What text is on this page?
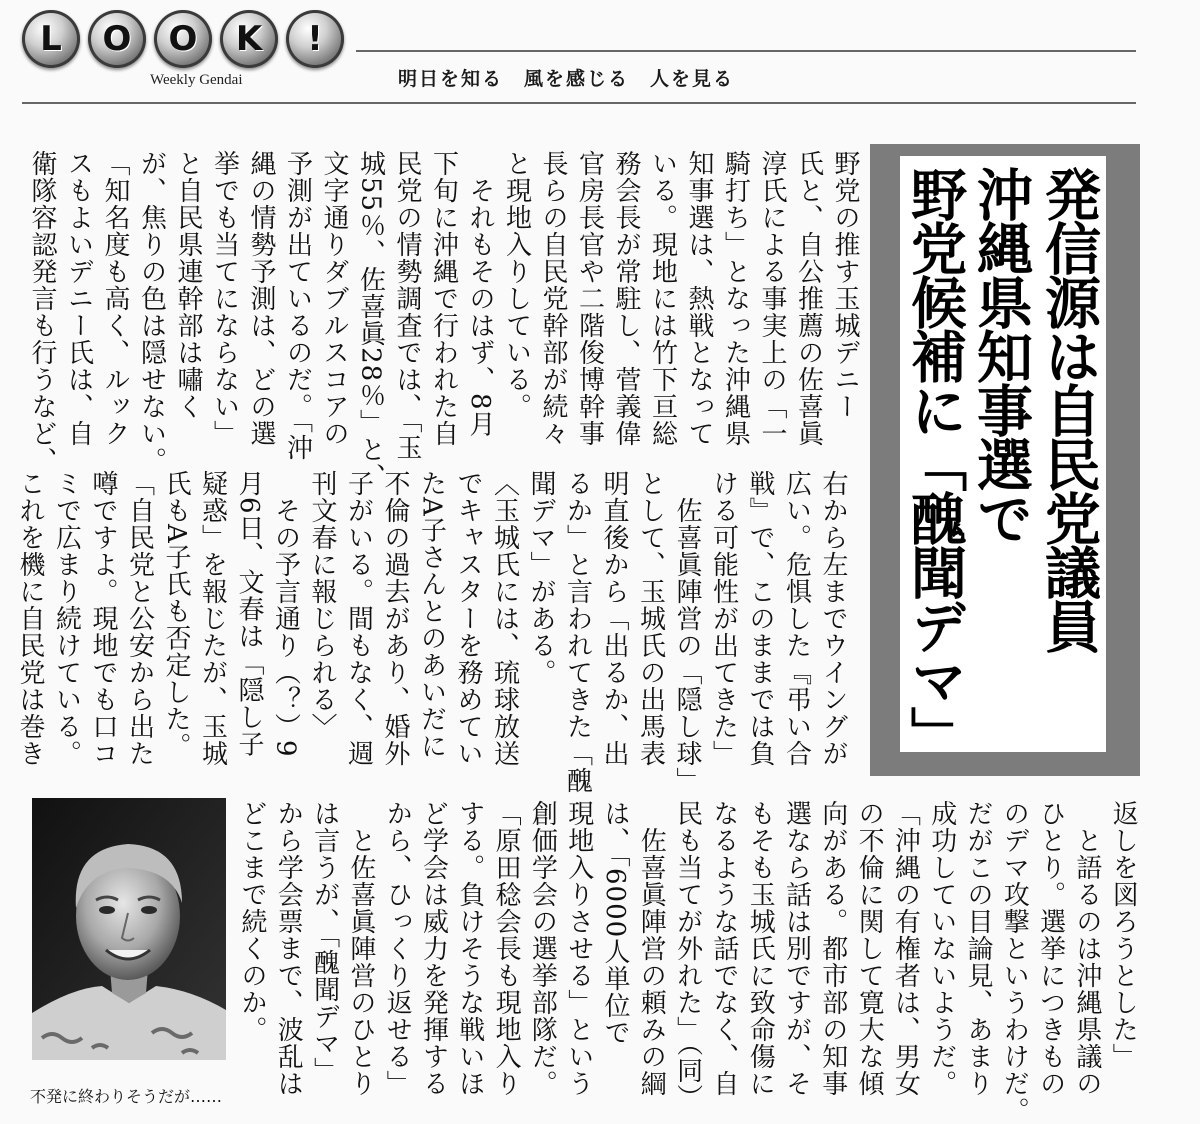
L	O	O	K	!
Weekly Gendai	明日を知る　風を感じる　人を見る
発信源は自民党議員
沖縄県知事選で
野党候補に「醜聞デマ」
野党の推す玉城デニー
氏と、自公推薦の佐喜眞
淳氏による事実上の「一
騎打ち」となった沖縄県
知事選は、熱戦となって
いる。現地には竹下亘総
務会長が常駐し、菅義偉
官房長官や二階俊博幹事
長らの自民党幹部が続々
と現地入りしている。
　それもそのはず、8月
下旬に沖縄で行われた自
民党の情勢調査では、「玉
城55％、佐喜眞28％」と、
文字通りダブルスコアの
予測が出ているのだ。「沖
縄の情勢予測は、どの選
挙でも当てにならない」
と自民県連幹部は嘯く
が、焦りの色は隠せない。
「知名度も高く、ルック
スもよいデニー氏は、自
衛隊容認発言も行うなど、
右から左までウイングが
広い。危惧した『弔い合
戦』で、このままでは負
ける可能性が出てきた」
　佐喜眞陣営の「隠し球」
として、玉城氏の出馬表
明直後から「出るか、出
るか」と言われてきた「醜
聞デマ」がある。
〈玉城氏には、琉球放送
でキャスターを務めてい
たA子さんとのあいだに
不倫の過去があり、婚外
子がいる。間もなく、週
刊文春に報じられる〉
　その予言通り（？）9
月6日、文春は「隠し子
疑惑」を報じたが、玉城
氏もA子氏も否定した。
「自民党と公安から出た
噂ですよ。現地でも口コ
ミで広まり続けている。
これを機に自民党は巻き
返しを図ろうとした」
　と語るのは沖縄県議の
ひとり。選挙につきもの
のデマ攻撃というわけだ。
だがこの目論見、あまり
成功していないようだ。
「沖縄の有権者は、男女
の不倫に関して寛大な傾
向がある。都市部の知事
選なら話は別ですが、そ
もそも玉城氏に致命傷に
なるような話でなく、自
民も当てが外れた」（同）
　佐喜眞陣営の頼みの綱
は、「6000人単位で
現地入りさせる」という
創価学会の選挙部隊だ。
「原田稔会長も現地入り
する。負けそうな戦いほ
ど学会は威力を発揮する
から、ひっくり返せる」
　と佐喜眞陣営のひとり
は言うが、「醜聞デマ」
から学会票まで、波乱は
どこまで続くのか。
不発に終わりそうだが……
